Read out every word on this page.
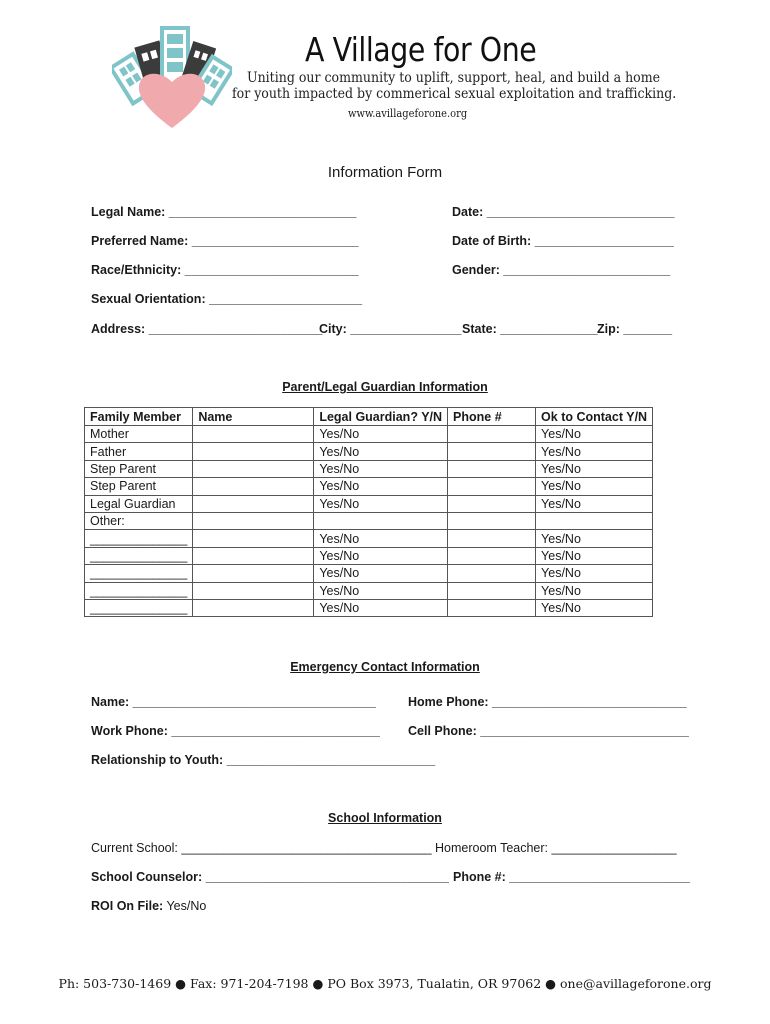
A Village for One
Uniting our community to uplift, support, heal, and build a home
for youth impacted by commerical sexual exploitation and trafficking.
www.avillageforone.org
Information Form
Legal Name: ___________________________	Date: ___________________________
Preferred Name: ________________________	Date of Birth: ____________________
Race/Ethnicity: _________________________	Gender: ________________________
Sexual Orientation: ______________________
Address: _________________________
City: ________________ State: ______________ Zip: _______
Parent/Legal Guardian Information
Family Member	Name	Legal Guardian? Y/N	Phone #	Ok to Contact Y/N
Mother		Yes/No		Yes/No
Father		Yes/No		Yes/No
Step Parent		Yes/No		Yes/No
Step Parent		Yes/No		Yes/No
Legal Guardian		Yes/No		Yes/No
Other:				
______________		Yes/No		Yes/No
______________		Yes/No		Yes/No
______________		Yes/No		Yes/No
______________		Yes/No		Yes/No
______________		Yes/No		Yes/No
Emergency Contact Information
Name: ___________________________________	Home Phone: ____________________________
Work Phone: ______________________________ Cell Phone: ______________________________
Relationship to Youth: ______________________________
School Information
Current School: ____________________________________ Homeroom Teacher: __________________
School Counselor: ___________________________________ Phone #: __________________________
ROI On File: Yes/No
Ph: 503-730-1469 ● Fax: 971-204-7198 ● PO Box 3973, Tualatin, OR 97062 ● one@avillageforone.org
